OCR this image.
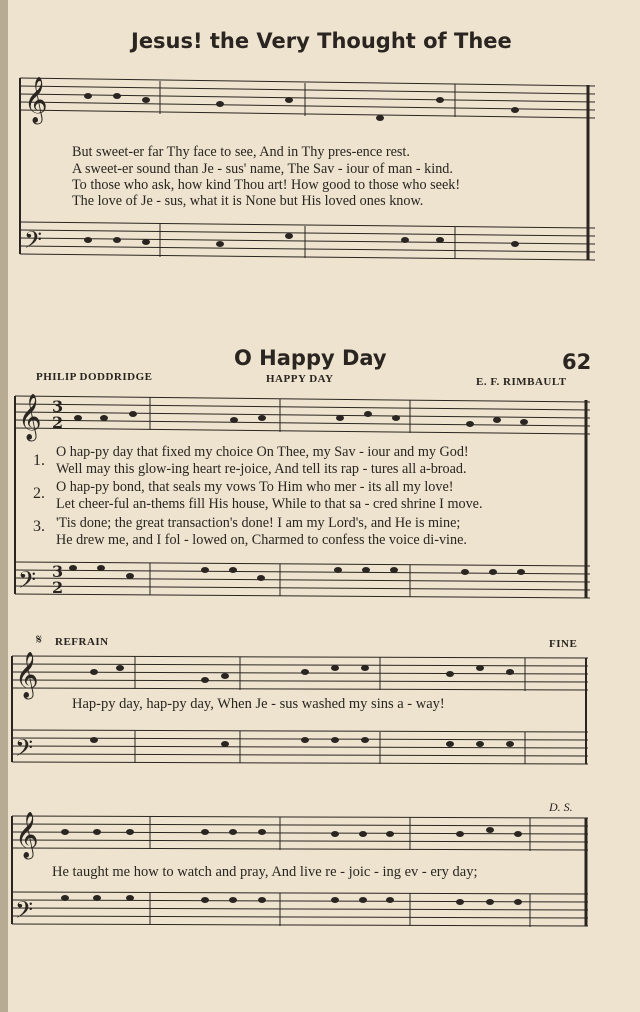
𝄞
𝄢
𝄞
𝄢
𝄞
𝄢
𝄞
𝄢
3
2
3
2
Jesus! the Very Thought of Thee
But sweet-er far Thy face to see, And in Thy pres-ence rest.
A sweet-er sound than Je - sus' name, The Sav - iour of man - kind.
To those who ask, how kind Thou art! How good to those who seek!
The love of Je - sus, what it is None but His loved ones know.
O Happy Day	62
PHILIP DODDRIDGE	HAPPY DAY	E. F. RIMBAULT
1.
2.
3.
O hap-py day that fixed my choice On Thee, my Sav - iour and my God!
Well may this glow-ing heart re-joice, And tell its rap - tures all a-broad.
O hap-py bond, that seals my vows To Him who mer - its all my love!
Let cheer-ful an-thems fill His house, While to that sa - cred shrine I move.
'Tis done; the great transaction's done! I am my Lord's, and He is mine;
He drew me, and I fol - lowed on, Charmed to confess the voice di-vine.
REFRAIN
𝄋	FINE
Hap-py day, hap-py day, When Je - sus washed my sins a - way!
D. S.
He taught me how to watch and pray, And live re - joic - ing ev - ery day;
